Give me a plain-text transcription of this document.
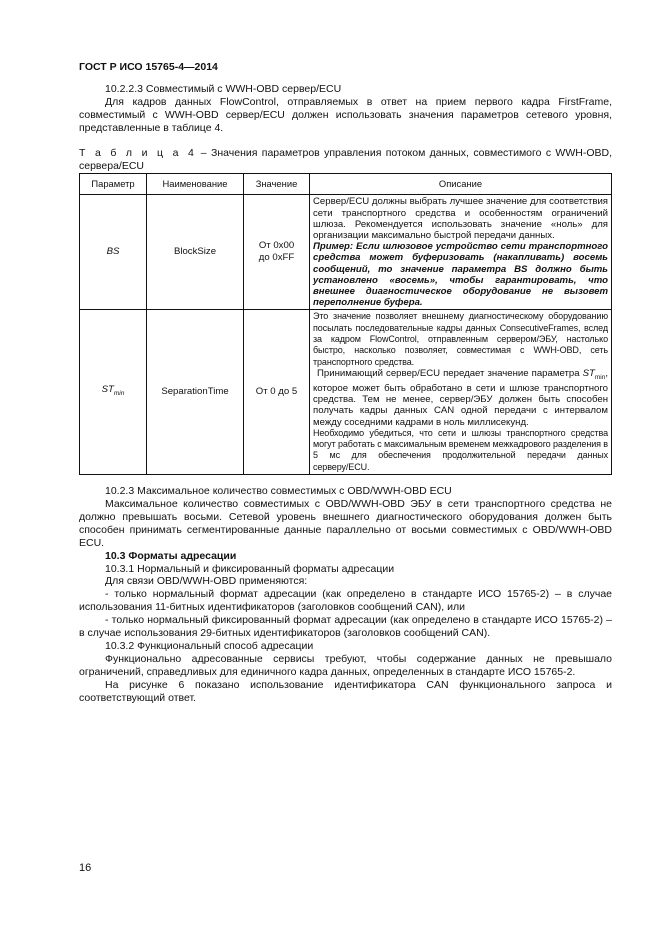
ГОСТ Р ИСО 15765-4—2014

10.2.2.3 Совместимый с WWH-OBD сервер/ECU

Для кадров данных FlowControl, отправляемых в ответ на прием первого кадра FirstFrame, совместимый с WWH-OBD сервер/ECU должен использовать значения параметров сетевого уровня, представленные в таблице 4.

Т а б л и ц а 4 – Значения параметров управления потоком данных, совместимого с WWH-OBD, сервера/ECU

Параметр	Наименование	Значение	Описание
BS	BlockSize	От 0x00 до 0xFF	Сервер/ECU должны выбрать лучшее значение для соответствия сети транспортного средства и особенностям ограничений шлюза. Рекомендуется использовать значение «ноль» для организации максимально быстрой передачи данных.
Пример: Если шлюзовое устройство сети транспортного средства может буферизовать (накапливать) восемь сообщений, то значение параметра BS должно быть установлено «восемь», чтобы гарантировать, что внешнее диагностическое оборудование не вызовет переполнение буфера.

$ST_{min}$	SeparationTime	От 0 до 5	Это значение позволяет внешнему диагностическому оборудованию посылать последовательные кадры данных ConsecutiveFrames, вслед за кадром FlowControl, отправленным сервером/ЭБУ, настолько быстро, насколько позволяет, совместимая с WWH-OBD, сеть транспортного средства.
Принимающий сервер/ECU передает значение параметра $ST_{min}$, которое может быть обработано в сети и шлюзе транспортного средства. Тем не менее, сервер/ЭБУ должен быть способен получать кадры данных CAN одной передачи с интервалом между соседними кадрами в ноль миллисекунд.
Необходимо убедиться, что сети и шлюзы транспортного средства могут работать с максимальным временем межкадрового разделения в 5 мс для обеспечения продолжительной передачи данных серверу/ECU.

10.2.3 Максимальное количество совместимых с OBD/WWH-OBD ECU

Максимальное количество совместимых с OBD/WWH-OBD ЭБУ в сети транспортного средства не должно превышать восьми. Сетевой уровень внешнего диагностического оборудования должен быть способен принимать сегментированные данные параллельно от восьми совместимых с OBD/WWH-OBD ECU.

10.3 Форматы адресации

10.3.1 Нормальный и фиксированный форматы адресации

Для связи OBD/WWH-OBD применяются:

- только нормальный формат адресации (как определено в стандарте ИСО 15765-2) – в случае использования 11-битных идентификаторов (заголовков сообщений CAN), или

- только нормальный фиксированный формат адресации (как определено в стандарте ИСО 15765-2) – в случае использования 29-битных идентификаторов (заголовков сообщений CAN).

10.3.2 Функциональный способ адресации

Функционально адресованные сервисы требуют, чтобы содержание данных не превышало ограничений, справедливых для единичного кадра данных, определенных в стандарте ИСО 15765-2.

На рисунке 6 показано использование идентификатора CAN функционального запроса и соответствующий ответ.

16
